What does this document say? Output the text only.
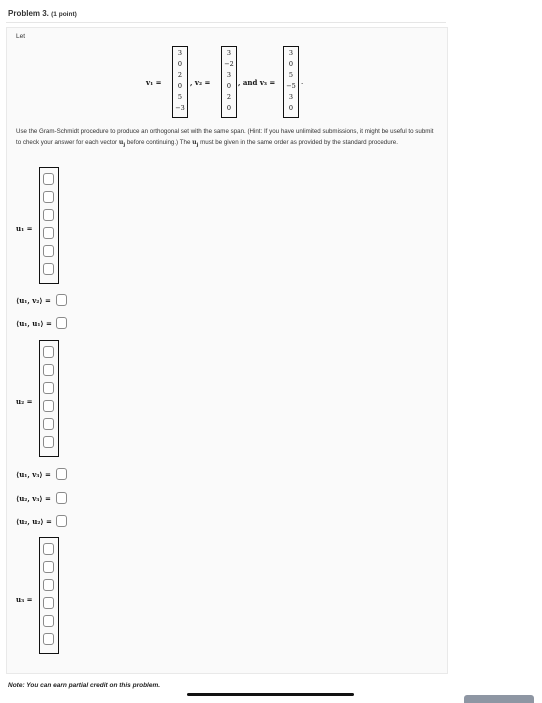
Problem 3. (1 point)
Let
v₁ =
3
0
2
0
5
−3
, v₂ =
3
−2
3
0
2
0
, and v₃ =
3
0
5
−5
3
0
.
Use the Gram-Schmidt procedure to produce an orthogonal set with the same span. (Hint: If you have unlimited submissions, it might be useful to submit to check your answer for each vector $u_j$ before continuing.) The $u_j$ must be given in the same order as provided by the standard procedure.
u₁ =
⟨u₁, v₂⟩ =
⟨u₁, u₁⟩ =
u₂ =
⟨u₁, v₃⟩ =
⟨u₂, v₃⟩ =
⟨u₂, u₂⟩ =
u₃ =
Note: You can earn partial credit on this problem.
